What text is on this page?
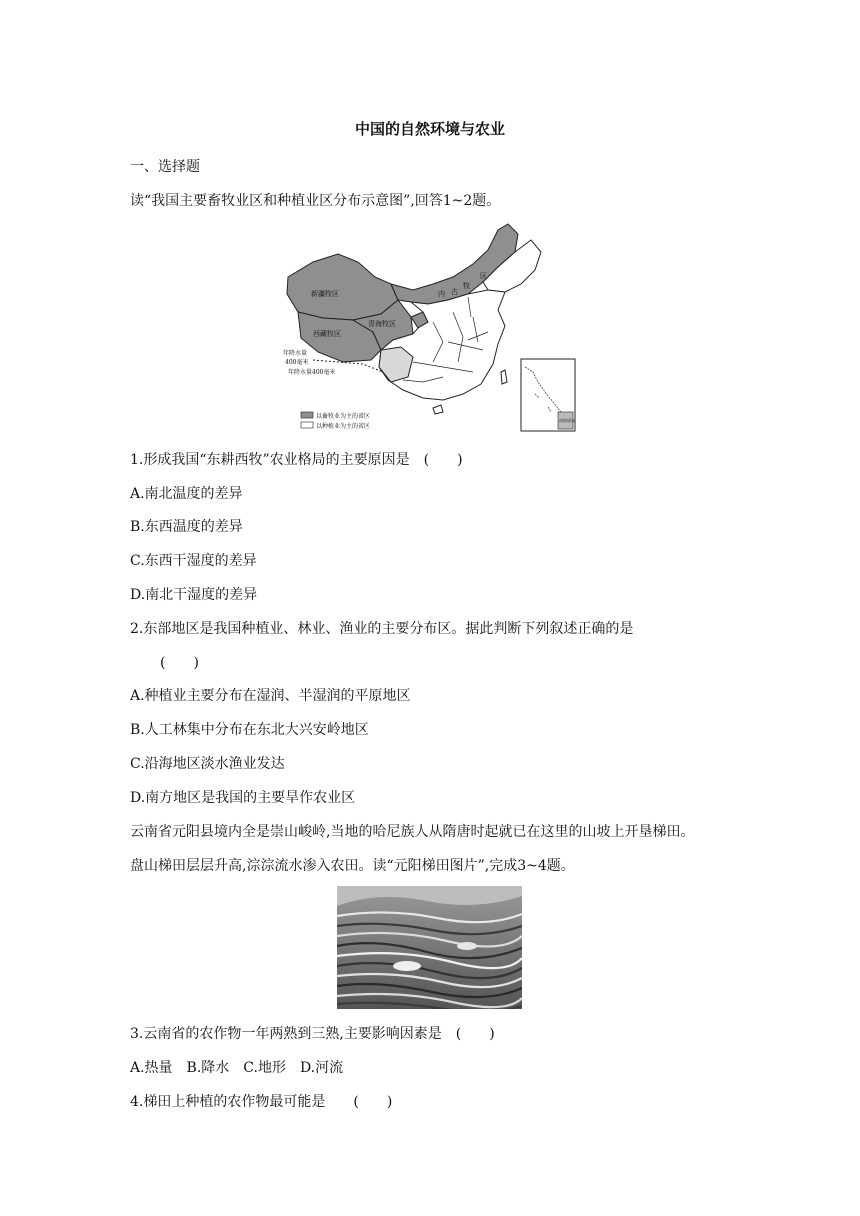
中国的自然环境与农业
一、选择题
读“我国主要畜牧业区和种植业区分布示意图”,回答1~2题。
新疆牧区
西藏牧区
青海牧区
内 古
牧
区
年降水量
400毫米
年降水量400毫米
南海诸岛
以畜牧业为主的省区
以种植业为主的省区
1.形成我国“东耕西牧”农业格局的主要原因是　(　　)
A.南北温度的差异
B.东西温度的差异
C.东西干湿度的差异
D.南北干湿度的差异
2.东部地区是我国种植业、林业、渔业的主要分布区。据此判断下列叙述正确的是
(　　)
A.种植业主要分布在湿润、半湿润的平原地区
B.人工林集中分布在东北大兴安岭地区
C.沿海地区淡水渔业发达
D.南方地区是我国的主要旱作农业区
云南省元阳县境内全是崇山峻岭,当地的哈尼族人从隋唐时起就已在这里的山坡上开垦梯田。
盘山梯田层层升高,淙淙流水渗入农田。读“元阳梯田图片”,完成3~4题。
3.云南省的农作物一年两熟到三熟,主要影响因素是　(　　)
A.热量　B.降水　C.地形　D.河流
4.梯田上种植的农作物最可能是　　(　　)
